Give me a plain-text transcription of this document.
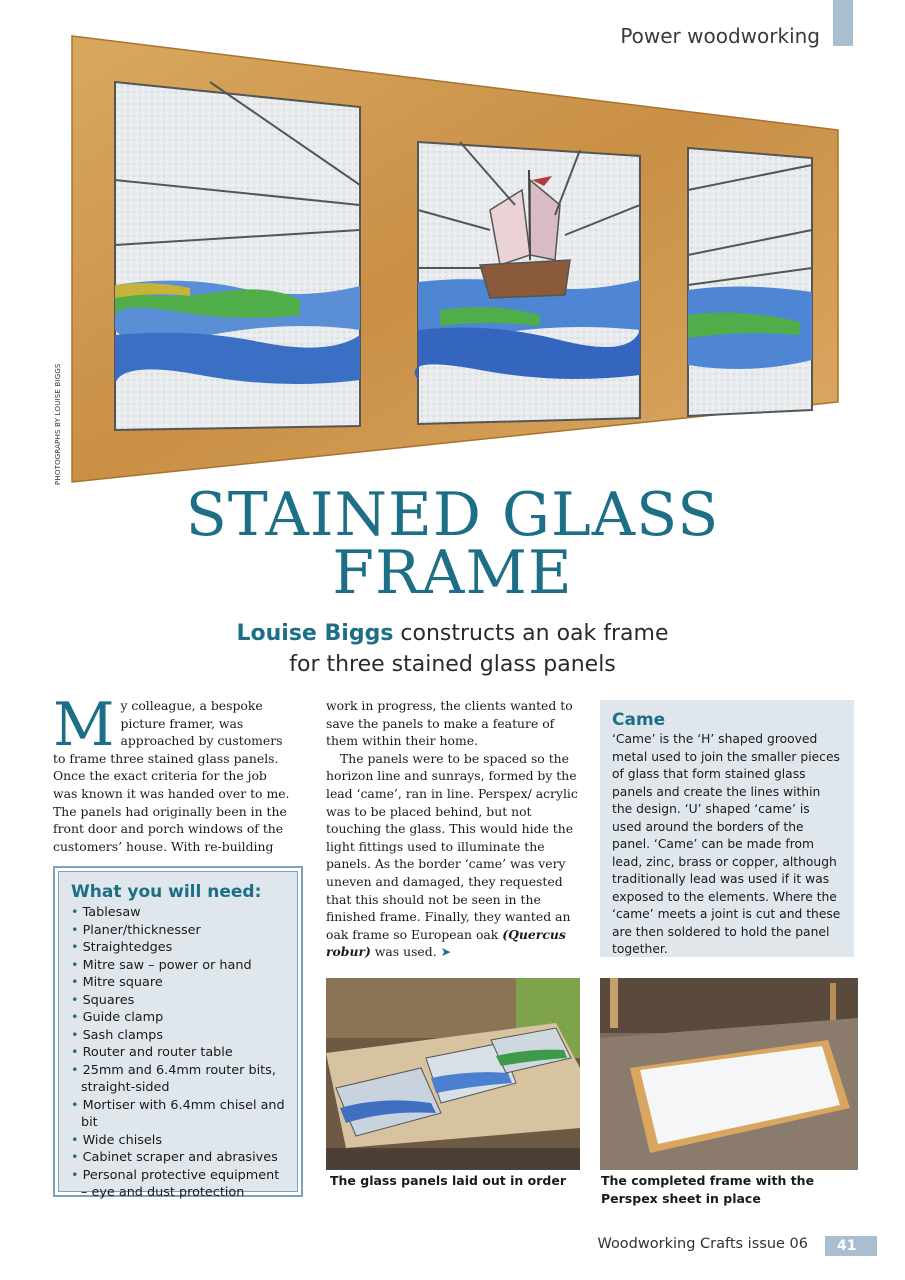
Power woodworking
PHOTOGRAPHS BY LOUISE BIGGS
STAINED GLASS
FRAME
Louise Biggs constructs an oak frame
for three stained glass panels
My colleague, a bespoke picture framer, was approached by customers to frame three stained glass panels. Once the exact criteria for the job was known it was handed over to me. The panels had originally been in the front door and porch windows of the customers’ house. With re-building

work in progress, the clients wanted to save the panels to make a feature of them within their home.

The panels were to be spaced so the horizon line and sunrays, formed by the lead ‘came’, ran in line. Perspex/ acrylic was to be placed behind, but not touching the glass. This would hide the light fittings used to illuminate the panels. As the border ‘came’ was very uneven and damaged, they requested that this should not be seen in the finished frame. Finally, they wanted an oak frame so European oak (Quercus robur) was used. ➤

What you will need:
• Tablesaw
• Planer/thicknesser
• Straightedges
• Mitre saw – power or hand
• Mitre square
• Squares
• Guide clamp
• Sash clamps
• Router and router table
• 25mm and 6.4mm router bits, straight-sided
• Mortiser with 6.4mm chisel and bit
• Wide chisels
• Cabinet scraper and abrasives
• Personal protective equipment – eye and dust protection
Came

‘Came’ is the ‘H’ shaped grooved metal used to join the smaller pieces of glass that form stained glass panels and create the lines within the design. ‘U’ shaped ‘came’ is used around the borders of the panel. ‘Came’ can be made from lead, zinc, brass or copper, although traditionally lead was used if it was exposed to the elements. Where the ‘came’ meets a joint is cut and these are then soldered to hold the panel together.

The glass panels laid out in order	The completed frame with the Perspex sheet in place
Woodworking Crafts issue 06	41
